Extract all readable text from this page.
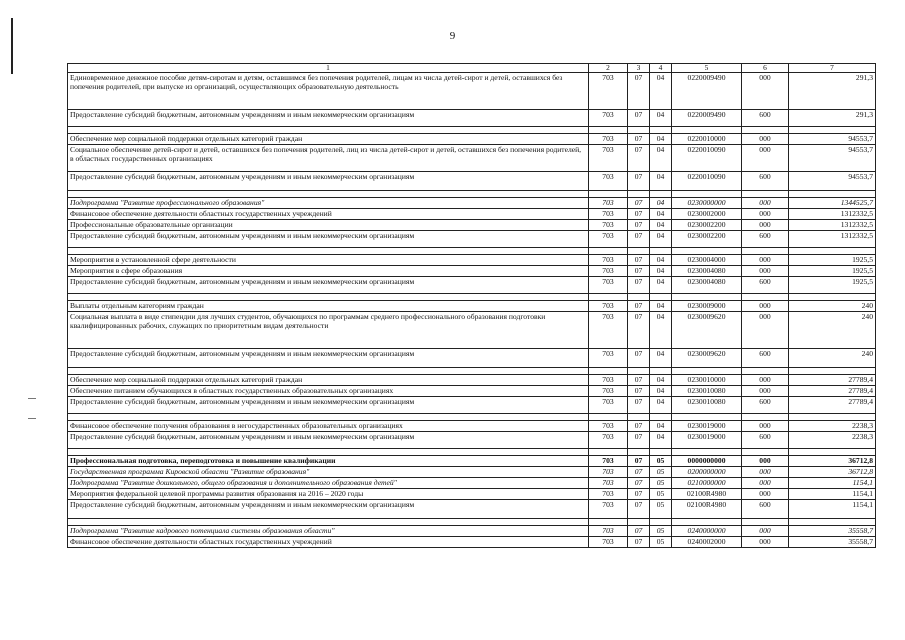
9
1	2	3	4	5	6	7
Единовременное денежное пособие детям-сиротам и детям, оставшимся без попечения родителей, лицам из числа детей-сирот и детей, оставшихся без попечения родителей, при выпуске из организаций, осуществляющих образовательную деятельность	703	07	04	0220009490	000	291,3
Предоставление субсидий бюджетным, автономным учреждениям и иным некоммерческим организациям	703	07	04	0220009490	600	291,3

Обеспечение мер социальной поддержки отдельных категорий граждан	703	07	04	0220010000	000	94553,7
Социальное обеспечение детей-сирот и детей, оставшихся без попечения родителей, лиц из числа детей-сирот и детей, оставшихся без попечения родителей, в областных государственных организациях	703	07	04	0220010090	000	94553,7
Предоставление субсидий бюджетным, автономным учреждениям и иным некоммерческим организациям	703	07	04	0220010090	600	94553,7

Подпрограмма "Развитие профессионального образования"	703	07	04	0230000000	000	1344525,7
Финансовое обеспечение деятельности областных государственных учреждений	703	07	04	0230002000	000	1312332,5
Профессиональные образовательные организации	703	07	04	0230002200	000	1312332,5
Предоставление субсидий бюджетным, автономным учреждениям и иным некоммерческим организациям	703	07	04	0230002200	600	1312332,5

Мероприятия в установленной сфере деятельности	703	07	04	0230004000	000	1925,5
Мероприятия в сфере образования	703	07	04	0230004080	000	1925,5
Предоставление субсидий бюджетным, автономным учреждениям и иным некоммерческим организациям	703	07	04	0230004080	600	1925,5

Выплаты отдельным категориям граждан	703	07	04	0230009000	000	240
Социальная выплата в виде стипендии для лучших студентов, обучающихся по программам среднего профессионального образования подготовки квалифицированных рабочих, служащих по приоритетным видам деятельности	703	07	04	0230009620	000	240
Предоставление субсидий бюджетным, автономным учреждениям и иным некоммерческим организациям	703	07	04	0230009620	600	240

Обеспечение мер социальной поддержки отдельных категорий граждан	703	07	04	0230010000	000	27789,4
Обеспечение питанием обучающихся в областных государственных образовательных организациях	703	07	04	0230010080	000	27789,4
Предоставление субсидий бюджетным, автономным учреждениям и иным некоммерческим организациям	703	07	04	0230010080	600	27789,4

Финансовое обеспечение получения образования в негосударственных образовательных организациях	703	07	04	0230019000	000	2238,3
Предоставление субсидий бюджетным, автономным учреждениям и иным некоммерческим организациям	703	07	04	0230019000	600	2238,3

Профессиональная подготовка, переподготовка и повышение квалификации	703	07	05	0000000000	000	36712,8
Государственная программа Кировской области "Развитие образования"	703	07	05	0200000000	000	36712,8
Подпрограмма "Развитие дошкольного, общего образования и дополнительного образования детей"	703	07	05	0210000000	000	1154,1
Мероприятия федеральной целевой программы развития образования на 2016 – 2020 годы	703	07	05	02100R4980	000	1154,1
Предоставление субсидий бюджетным, автономным учреждениям и иным некоммерческим организациям	703	07	05	02100R4980	600	1154,1

Подпрограмма "Развитие кадрового потенциала системы образования области"	703	07	05	0240000000	000	35558,7
Финансовое обеспечение деятельности областных государственных учреждений	703	07	05	0240002000	000	35558,7
